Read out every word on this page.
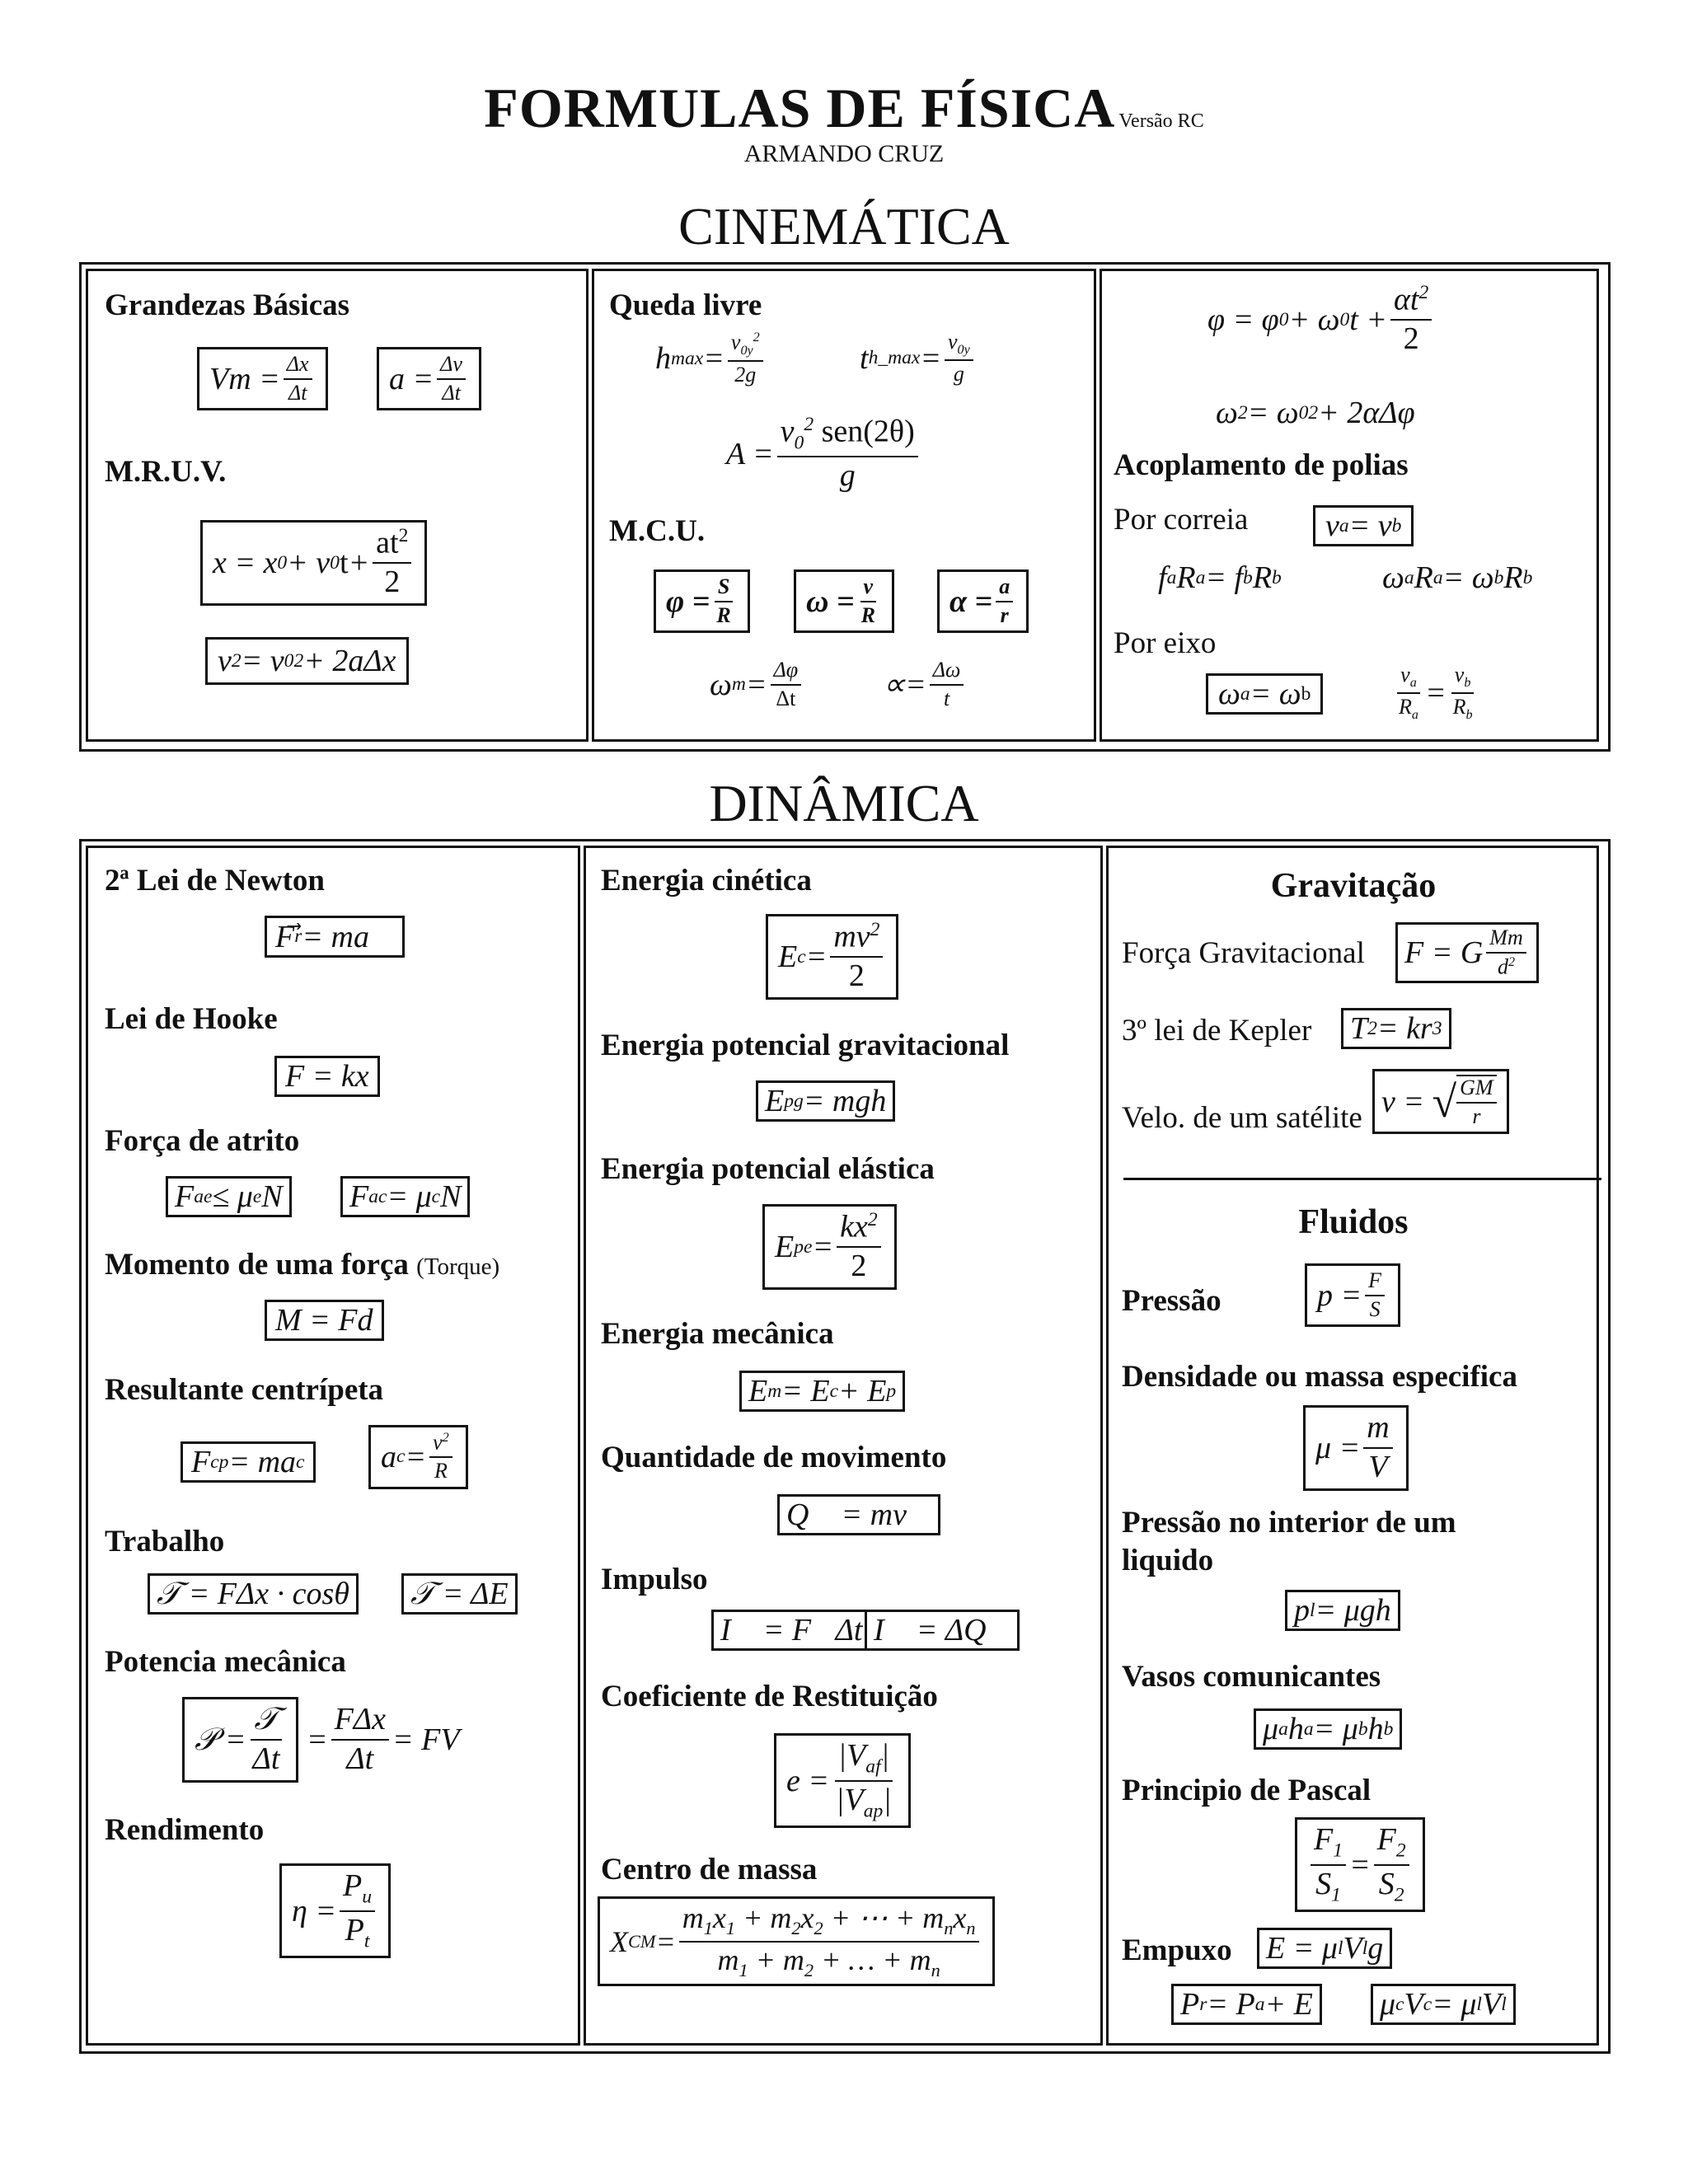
FORMULAS DE FÍSICA Versão RC
ARMANDO CRUZ
CINEMÁTICA
Grandezas Básicas
$Vm = \frac{\Delta x}{\Delta t}$	$a = \frac{\Delta v}{\Delta t}$
M.R.U.V.
x = x 0 + v 0 $t + \frac{at^2}{2}$
v 2 = v 0 2 + 2aΔx
Queda livre
h $\max = \frac{v_{0y}^2}{2g}$	t h_max = $\frac{v_{0y}}{g}$
$A = \frac{v_0^2 sen(2\theta)}{g}$
M.C.U.
$\varphi = \frac{S}{R}$	$\omega = \frac{v}{R}$	$\alpha = \frac{a}{r}$
ω $m = \frac{\Delta\varphi}{\Delta t}$	∝= $\frac{\Delta\omega}{t}$
φ = φ 0 + ω 0 $t + \frac{\alpha t^2}{2}$
ω 2 = ω 0 2 + 2αΔφ
Acoplamento de polias
Por correia	v a = v b
f a R a = f b R b	ω a R a = ω b R b
Por eixo
ω a = ω b	$\frac{v_a}{R_a} = \frac{v_b}{R_b}$
DINÂMICA
2ª Lei de Newton
F r = ma⃗
Lei de Hooke
F = kx
Força de atrito
F ae ≤ μ e N F ac = μ c N
Momento de uma força (Torque)
M = Fd
Resultante centrípeta
F cp = ma c	a $c = \frac{v^2}{R}$
Trabalho
𝒯 = FΔx · cosθ 𝒯 = ΔE
Potencia mecânica
𝒫 = $\frac{\text{𝒯}}{\Delta t} = \frac{\text{FΔx}}{\Delta t}$ = FV
Rendimento
$\eta = \frac{P_u}{P_t}$
Energia cinética
E $c = \frac{mv^2}{2}$
Energia potencial gravitacional
E pg = mgh
Energia potencial elástica
E pe = $\frac{kx^2}{2}$
Energia mecânica
E m = E c + E p
Quantidade de movimento
Q⃗ = mv⃗
Impulso
I⃗ = F⃗Δt I⃗ = ΔQ⃗
Coeficiente de Restituição
$e = \frac{|V_{af}|}{|V_{ap}|}$
Centro de massa
X CM = $\frac{m_1x_1 + m_2x_2 + \cdots + m_nx_n}{m_1 + m_2 + \dots + m_n}$
Gravitação
Força Gravitacional F = G $\frac{Mm}{d^2}$
3º lei de Kepler T 2 = kr 3
Velo. de um satélite v = √ $\frac{GM}{r}$
Fluidos
Pressão	$p = \frac{F}{S}$
Densidade ou massa especifica
$\mu = \frac{m}{V}$
Pressão no interior de um liquido
p l = μgh
Vasos comunicantes
μ a h a = μ b h b
Principio de Pascal
$\frac{F_1}{S_1} = \frac{F_2}{S_2}$
Empuxo E = μ l V l g
P r = P a + E μ c V c = μ l V l
